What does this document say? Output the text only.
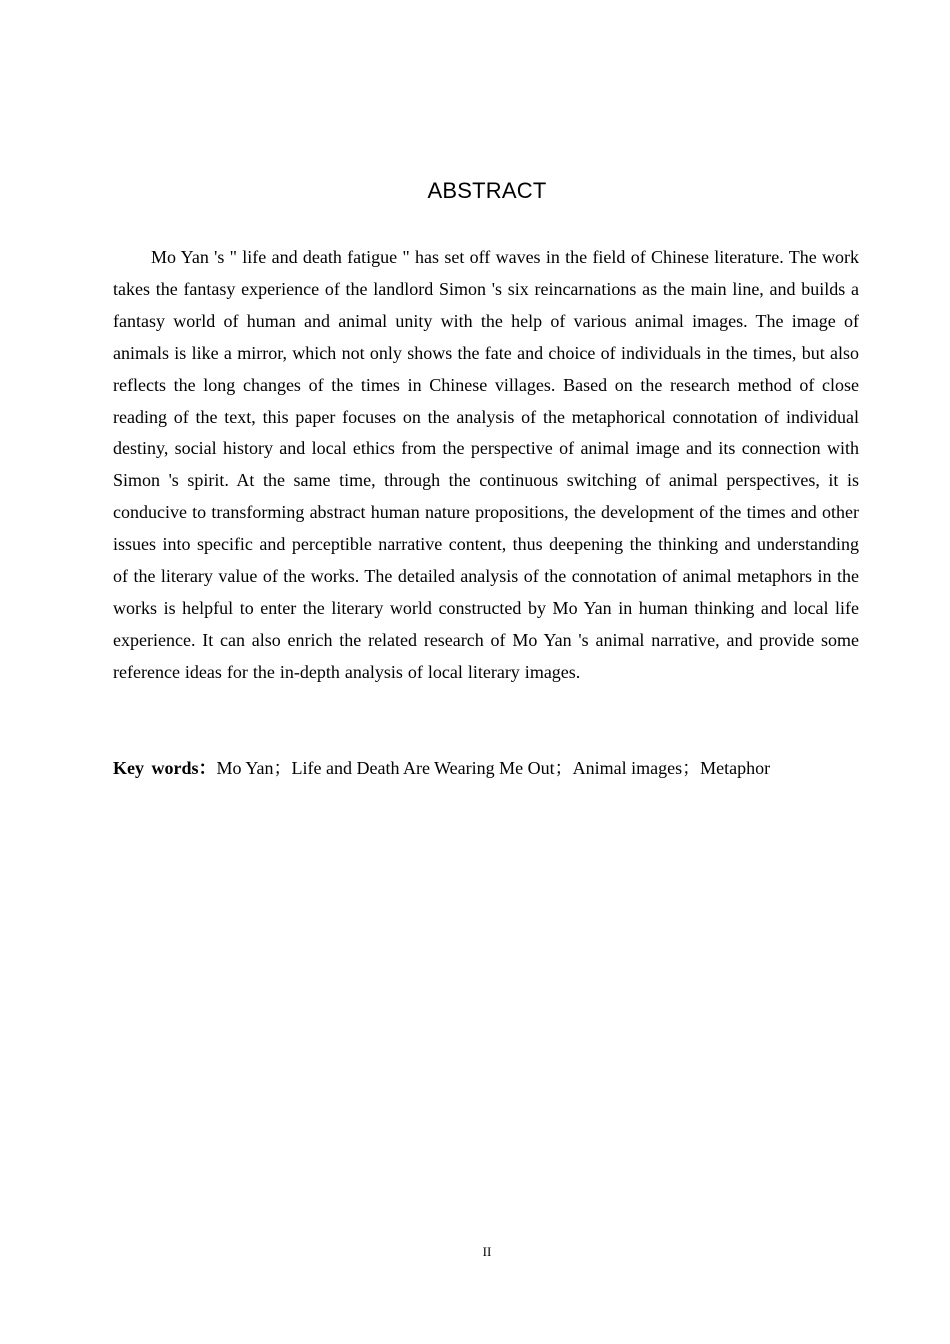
ABSTRACT

Mo Yan 's " life and death fatigue " has set off waves in the field of Chinese literature. The work takes the fantasy experience of the landlord Simon 's six reincarnations as the main line, and builds a fantasy world of human and animal unity with the help of various animal images. The image of animals is like a mirror, which not only shows the fate and choice of individuals in the times, but also reflects the long changes of the times in Chinese villages. Based on the research method of close reading of the text, this paper focuses on the analysis of the metaphorical connotation of individual destiny, social history and local ethics from the perspective of animal image and its connection with Simon 's spirit. At the same time, through the continuous switching of animal perspectives, it is conducive to transforming abstract human nature propositions, the development of the times and other issues into specific and perceptible narrative content, thus deepening the thinking and understanding of the literary value of the works. The detailed analysis of the connotation of animal metaphors in the works is helpful to enter the literary world constructed by Mo Yan in human thinking and local life experience. It can also enrich the related research of Mo Yan 's animal narrative, and provide some reference ideas for the in-depth analysis of local literary images.

Key words：Mo Yan；Life and Death Are Wearing Me Out；Animal images；Metaphor

II
